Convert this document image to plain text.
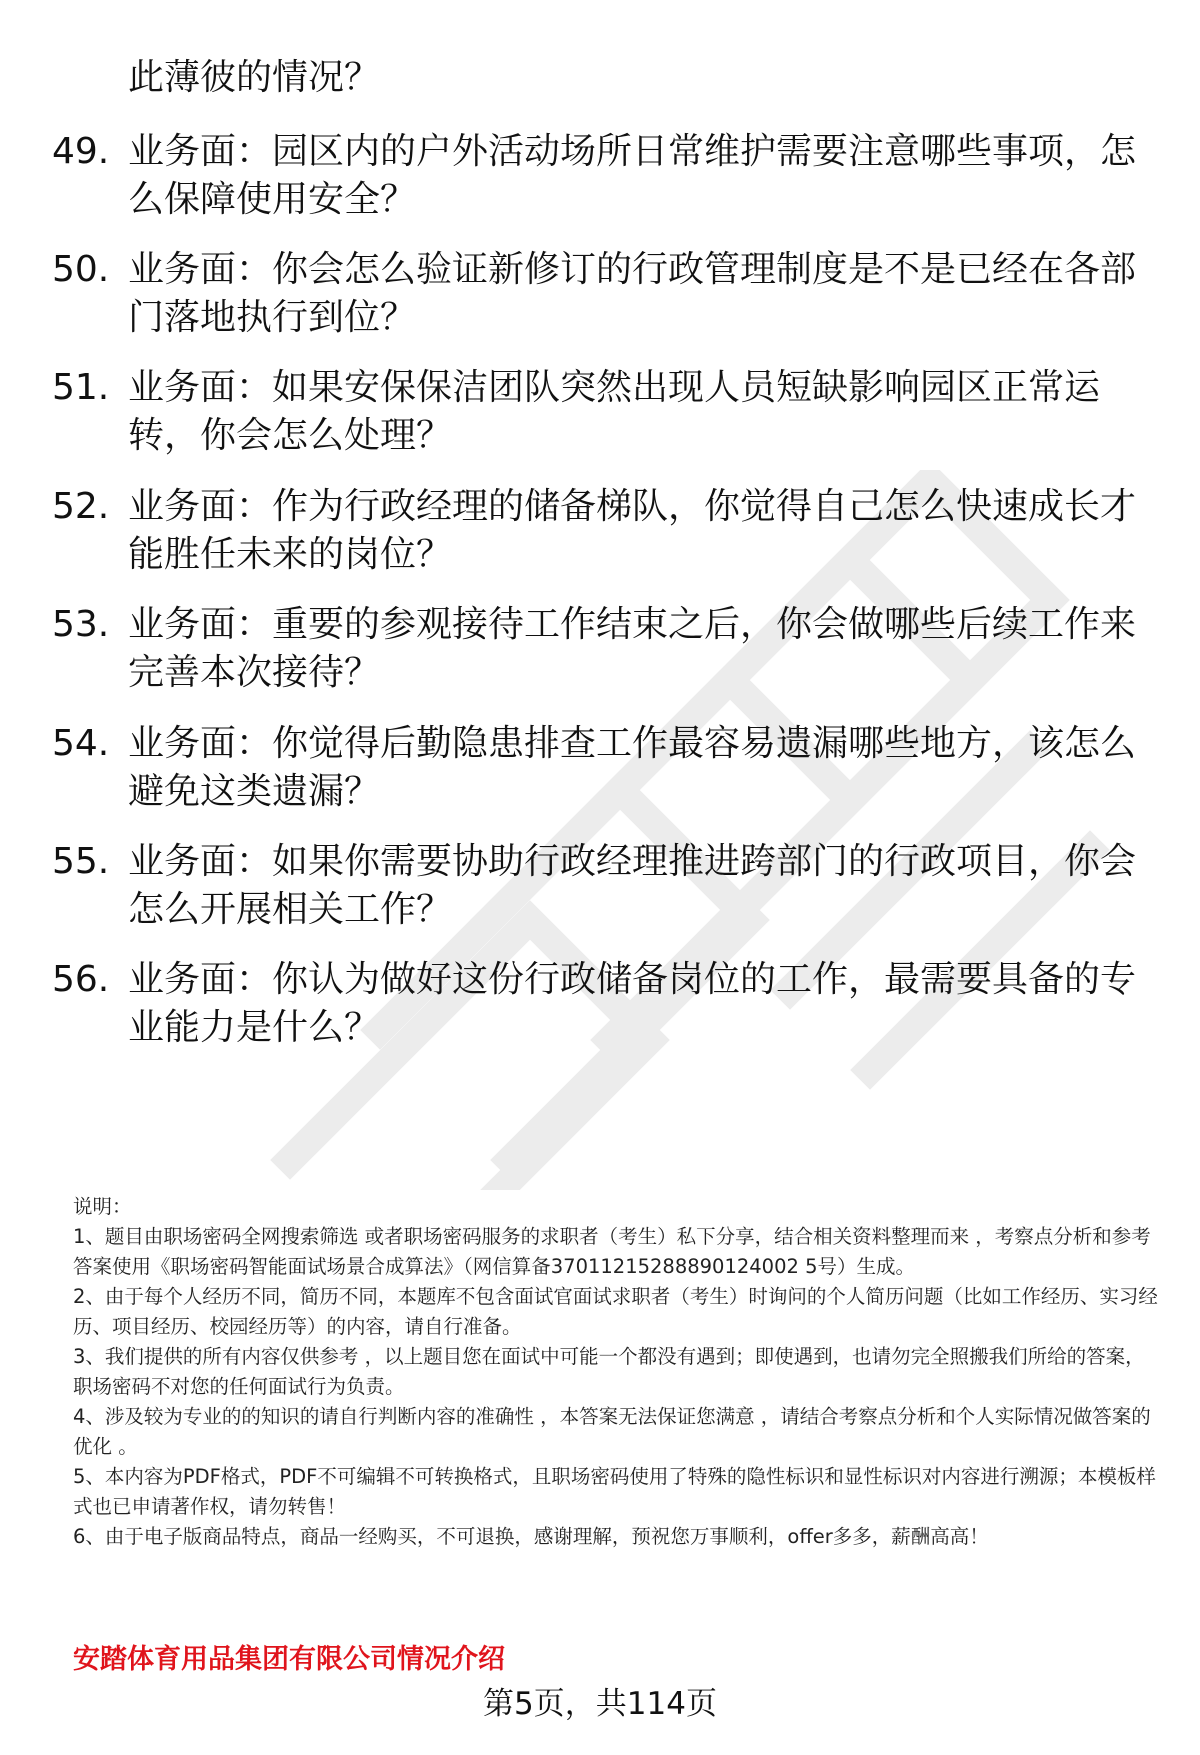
此薄彼的情况？
49. 业务面：园区内的户外活动场所日常维护需要注意哪些事项，怎么保障使用安全？
50. 业务面：你会怎么验证新修订的行政管理制度是不是已经在各部门落地执行到位？
51. 业务面：如果安保保洁团队突然出现人员短缺影响园区正常运转，你会怎么处理？
52. 业务面：作为行政经理的储备梯队，你觉得自己怎么快速成长才能胜任未来的岗位？
53. 业务面：重要的参观接待工作结束之后，你会做哪些后续工作来完善本次接待？
54. 业务面：你觉得后勤隐患排查工作最容易遗漏哪些地方，该怎么避免这类遗漏？
55. 业务面：如果你需要协助行政经理推进跨部门的行政项目，你会怎么开展相关工作？
56. 业务面：你认为做好这份行政储备岗位的工作，最需要具备的专业能力是什么？

说明：

1、题目由职场密码全网搜索筛选 或者职场密码服务的求职者（考生）私下分享，结合相关资料整理而来 ，考察点分析和参考答案使用《职场密码智能面试场景合成算法》（网信算备37011215288890124002 5号）生成。

2、由于每个人经历不同，简历不同，本题库不包含面试官面试求职者（考生）时询问的个人简历问题（比如工作经历、实习经历、项目经历、校园经历等）的内容，请自行准备。

3、我们提供的所有内容仅供参考 ，以上题目您在面试中可能一个都没有遇到；即使遇到，也请勿完全照搬我们所给的答案，职场密码不对您的任何面试行为负责。

4、涉及较为专业的的知识的请自行判断内容的准确性 ，本答案无法保证您满意 ，请结合考察点分析和个人实际情况做答案的优化 。

5、本内容为PDF格式，PDF不可编辑不可转换格式，且职场密码使用了特殊的隐性标识和显性标识对内容进行溯源；本模板样式也已申请著作权，请勿转售！

6、由于电子版商品特点，商品一经购买，不可退换，感谢理解，预祝您万事顺利，offer多多，薪酬高高！

安踏体育用品集团有限公司情况介绍
第5页，共114页
